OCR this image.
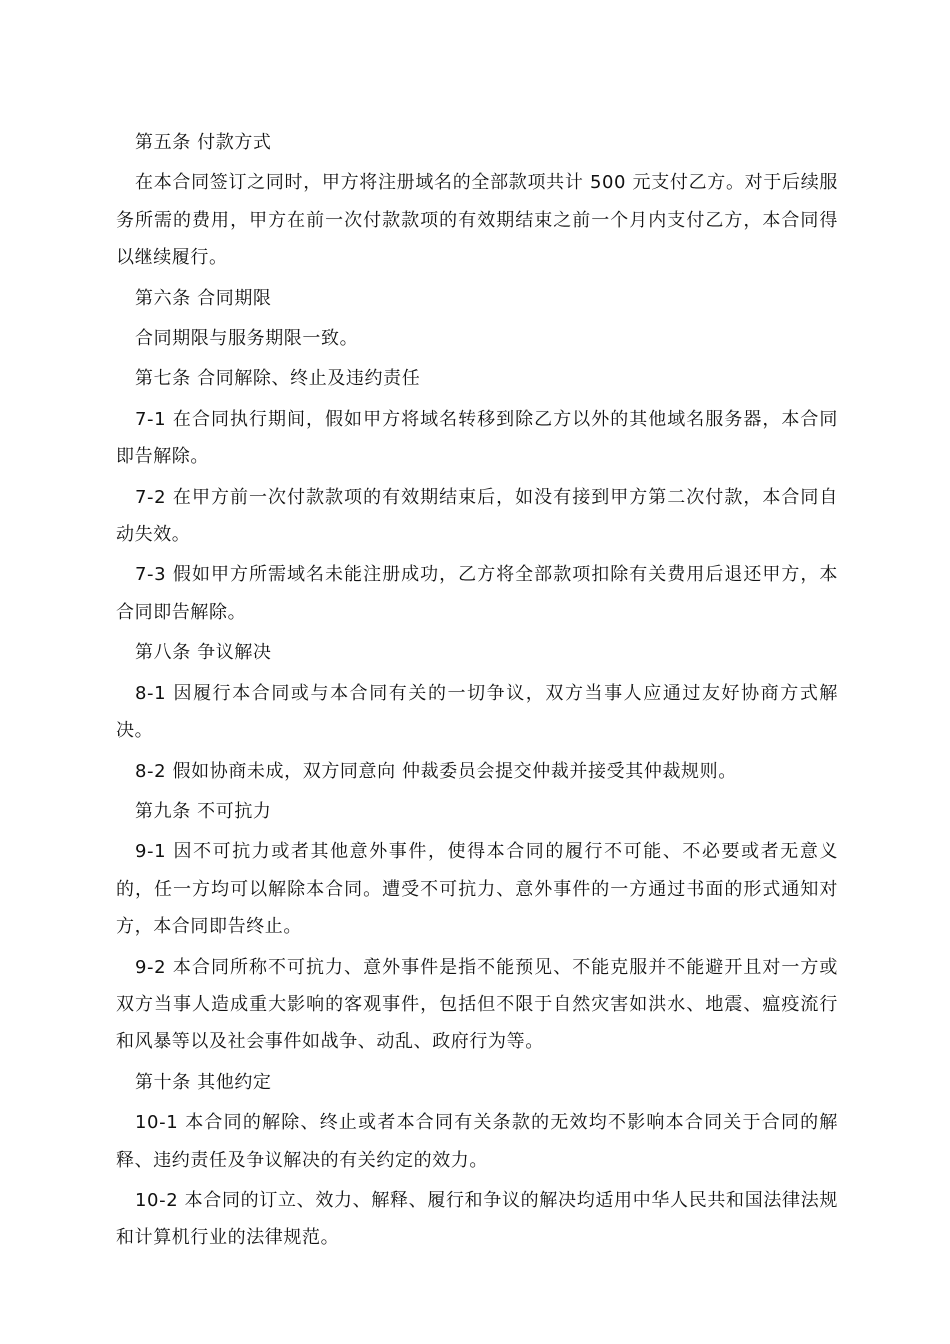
第五条 付款方式

在本合同签订之同时，甲方将注册域名的全部款项共计 500 元支付乙方。对于后续服务所需的费用，甲方在前一次付款款项的有效期结束之前一个月内支付乙方，本合同得以继续履行。

第六条 合同期限

合同期限与服务期限一致。

第七条 合同解除、终止及违约责任

7-1 在合同执行期间，假如甲方将域名转移到除乙方以外的其他域名服务器，本合同即告解除。

7-2 在甲方前一次付款款项的有效期结束后，如没有接到甲方第二次付款，本合同自动失效。

7-3 假如甲方所需域名未能注册成功，乙方将全部款项扣除有关费用后退还甲方，本合同即告解除。

第八条 争议解决

8-1 因履行本合同或与本合同有关的一切争议，双方当事人应通过友好协商方式解决。

8-2 假如协商未成，双方同意向 仲裁委员会提交仲裁并接受其仲裁规则。

第九条 不可抗力

9-1 因不可抗力或者其他意外事件，使得本合同的履行不可能、不必要或者无意义的，任一方均可以解除本合同。遭受不可抗力、意外事件的一方通过书面的形式通知对方，本合同即告终止。

9-2 本合同所称不可抗力、意外事件是指不能预见、不能克服并不能避开且对一方或双方当事人造成重大影响的客观事件，包括但不限于自然灾害如洪水、地震、瘟疫流行和风暴等以及社会事件如战争、动乱、政府行为等。

第十条 其他约定

10-1 本合同的解除、终止或者本合同有关条款的无效均不影响本合同关于合同的解释、违约责任及争议解决的有关约定的效力。

10-2 本合同的订立、效力、解释、履行和争议的解决均适用中华人民共和国法律法规和计算机行业的法律规范。
